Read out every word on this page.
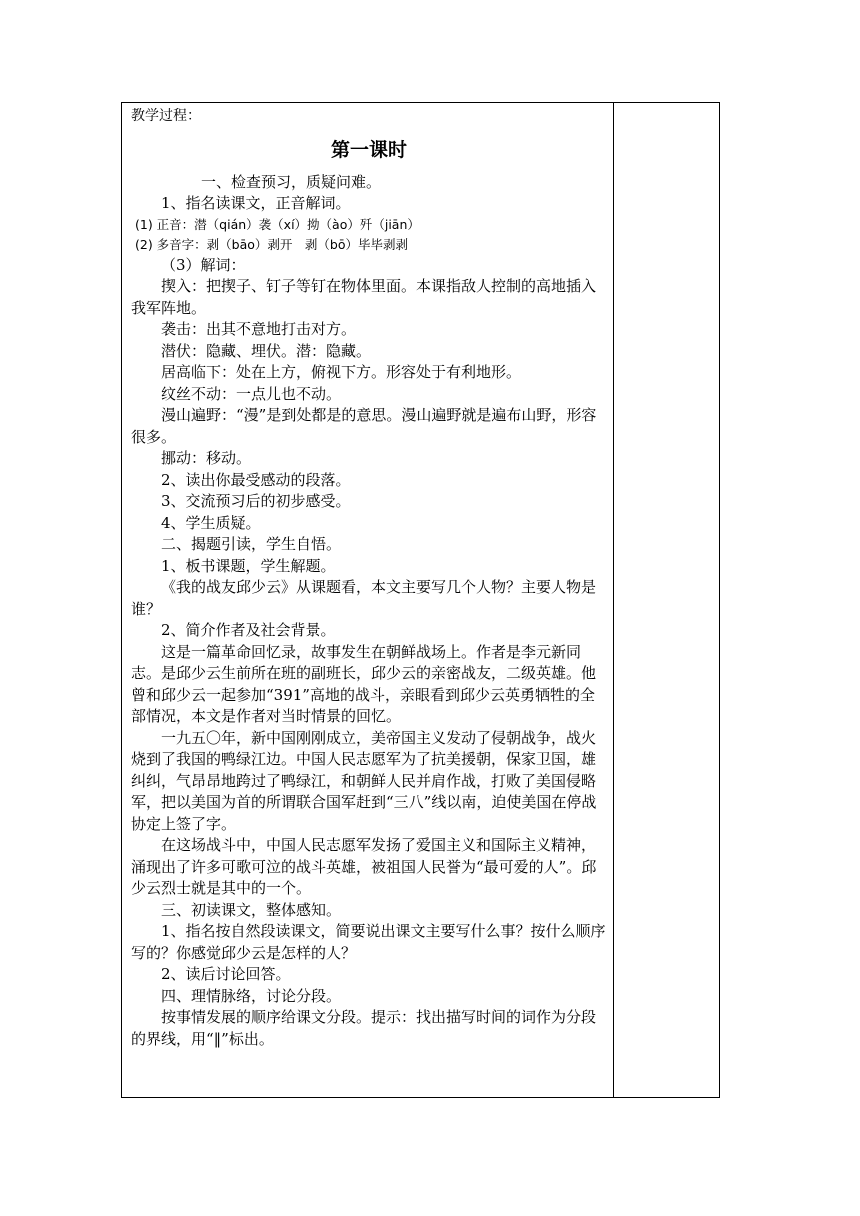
教学过程：

第一课时

一、检查预习，质疑问难。

1、指名读课文，正音解词。

(1) 正音：潜（qián）袭（xí）拗（ào）歼（jiān）

(2) 多音字：剥（bāo）剥开　剥（bō）毕毕剥剥

（3）解词：

揳入：把揳子、钉子等钉在物体里面。本课指敌人控制的高地插入我军阵地。

袭击：出其不意地打击对方。

潜伏：隐藏、埋伏。潜：隐藏。

居高临下：处在上方，俯视下方。形容处于有利地形。

纹丝不动：一点儿也不动。

漫山遍野：“漫”是到处都是的意思。漫山遍野就是遍布山野，形容很多。

挪动：移动。

2、读出你最受感动的段落。

3、交流预习后的初步感受。

4、学生质疑。

二、揭题引读，学生自悟。

1、板书课题，学生解题。

《我的战友邱少云》从课题看，本文主要写几个人物？主要人物是谁？

2、简介作者及社会背景。

这是一篇革命回忆录，故事发生在朝鲜战场上。作者是李元新同志。是邱少云生前所在班的副班长，邱少云的亲密战友，二级英雄。他曾和邱少云一起参加“391”高地的战斗，亲眼看到邱少云英勇牺牲的全部情况，本文是作者对当时情景的回忆。

一九五〇年，新中国刚刚成立，美帝国主义发动了侵朝战争，战火烧到了我国的鸭绿江边。中国人民志愿军为了抗美援朝，保家卫国，雄纠纠，气昂昂地跨过了鸭绿江，和朝鲜人民并肩作战，打败了美国侵略军，把以美国为首的所谓联合国军赶到“三八”线以南，迫使美国在停战协定上签了字。

在这场战斗中，中国人民志愿军发扬了爱国主义和国际主义精神，涌现出了许多可歌可泣的战斗英雄，被祖国人民誉为“最可爱的人”。邱少云烈士就是其中的一个。

三、初读课文，整体感知。

1、指名按自然段读课文，简要说出课文主要写什么事？按什么顺序写的？你感觉邱少云是怎样的人？

2、读后讨论回答。

四、理情脉络，讨论分段。

按事情发展的顺序给课文分段。提示：找出描写时间的词作为分段的界线，用“‖”标出。
